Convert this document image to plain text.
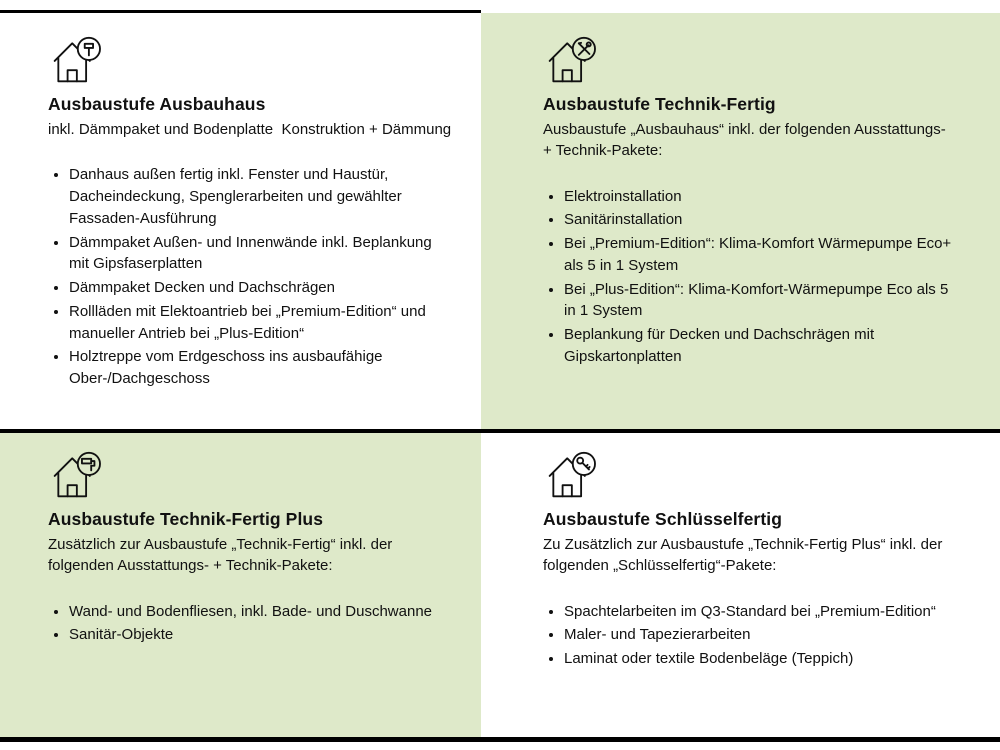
Ausbaustufe Ausbauhaus

inkl. Dämmpaket und Bodenplatte  Konstruktion + Dämmung

• Danhaus außen fertig inkl. Fenster und Haustür, Dacheindeckung, Spenglerarbeiten und gewählter Fassaden-Ausführung
• Dämmpaket Außen- und Innenwände inkl. Beplankung mit Gipsfaserplatten
• Dämmpaket Decken und Dachschrägen
• Rollläden mit Elektoantrieb bei „Premium-Edition“ und manueller Antrieb bei „Plus-Edition“
• Holztreppe vom Erdgeschoss ins ausbaufähige Ober-/Dachgeschoss
Ausbaustufe Technik-Fertig

Ausbaustufe „Ausbauhaus“ inkl. der folgenden Ausstattungs- + Technik-Pakete:

• Elektroinstallation
• Sanitärinstallation
• Bei „Premium-Edition“: Klima-Komfort Wärmepumpe Eco+ als 5 in 1 System
• Bei „Plus-Edition“: Klima-Komfort-Wärmepumpe Eco als 5 in 1 System
• Beplankung für Decken und Dachschrägen mit Gipskartonplatten
Ausbaustufe Technik-Fertig Plus

Zusätzlich zur Ausbaustufe „Technik-Fertig“ inkl. der folgenden Ausstattungs- + Technik-Pakete:

• Wand- und Bodenfliesen, inkl. Bade- und Duschwanne
• Sanitär-Objekte
Ausbaustufe Schlüsselfertig

Zu Zusätzlich zur Ausbaustufe „Technik-Fertig Plus“ inkl. der folgenden „Schlüsselfertig“-Pakete:

• Spachtelarbeiten im Q3-Standard bei „Premium-Edition“
• Maler- und Tapezierarbeiten
• Laminat oder textile Bodenbeläge (Teppich)
